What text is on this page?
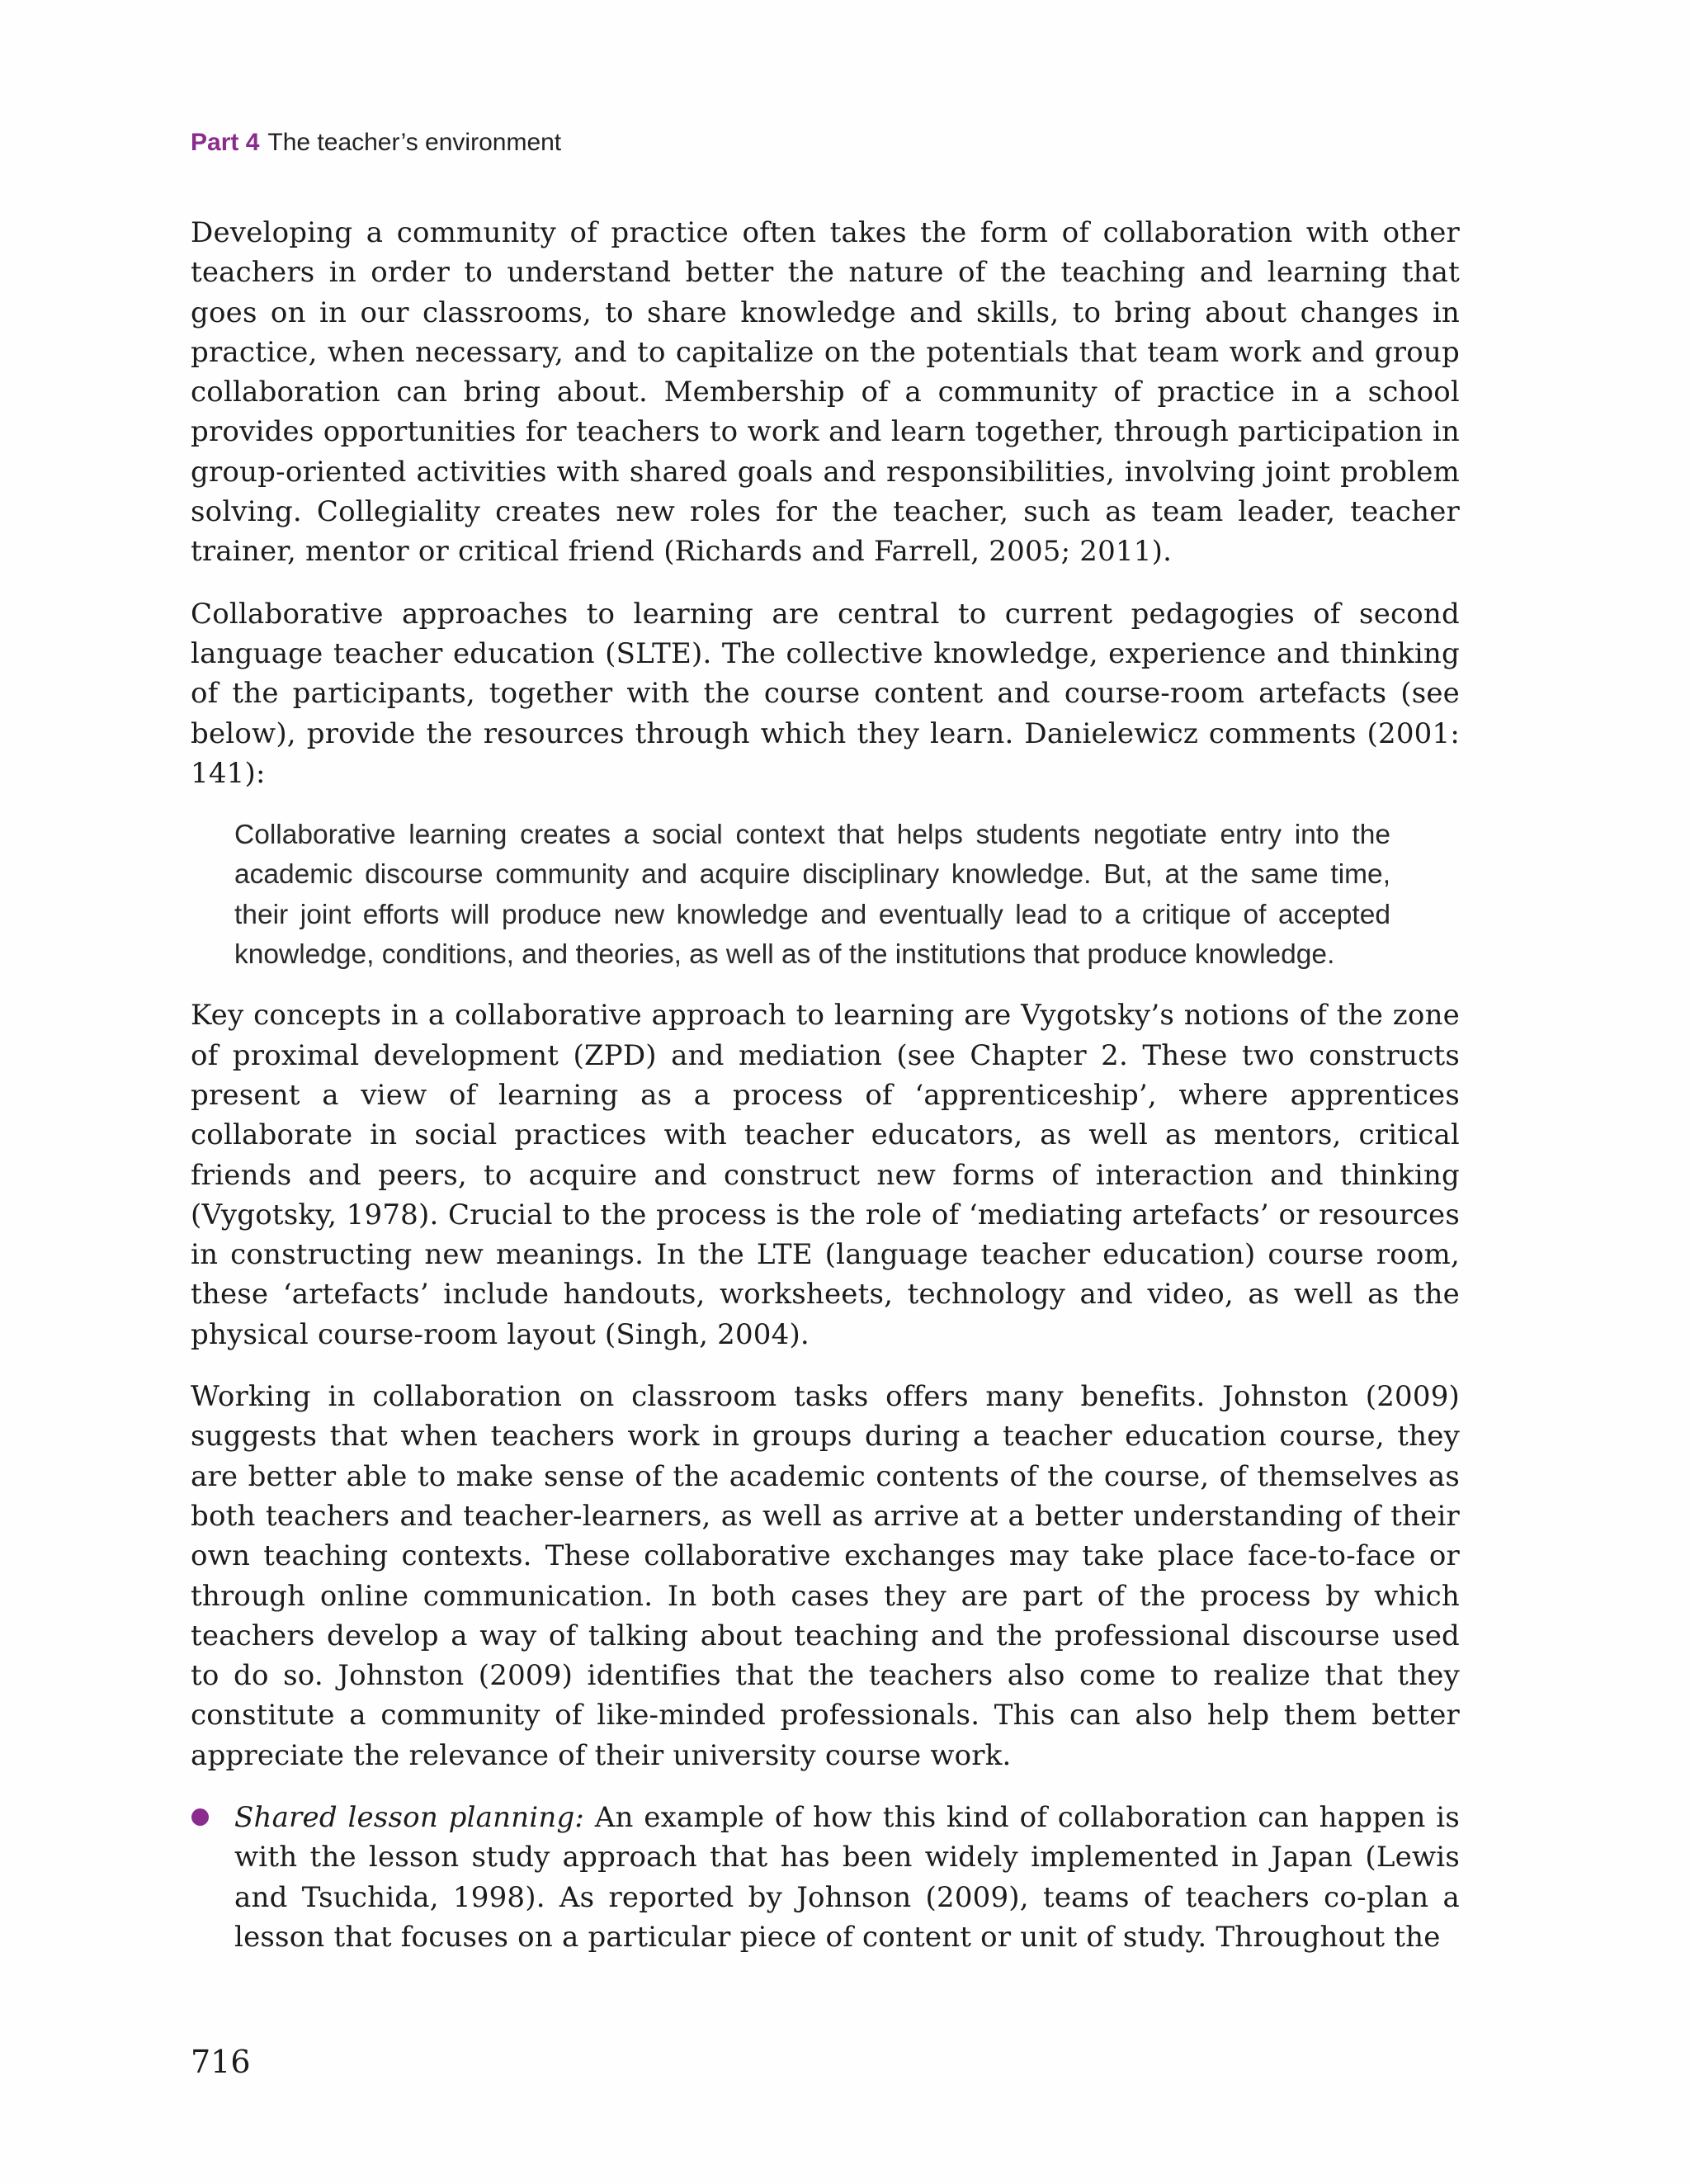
Part 4 The teacher’s environment

Developing a community of practice often takes the form of collaboration with other teachers in order to understand better the nature of the teaching and learning that goes on in our classrooms, to share knowledge and skills, to bring about changes in practice, when necessary, and to capitalize on the potentials that team work and group collaboration can bring about. Membership of a community of practice in a school provides opportunities for teachers to work and learn together, through participation in group-oriented activities with shared goals and responsibilities, involving joint problem solving. Collegiality creates new roles for the teacher, such as team leader, teacher trainer, mentor or critical friend (Richards and Farrell, 2005; 2011).

Collaborative approaches to learning are central to current pedagogies of second language teacher education (SLTE). The collective knowledge, experience and thinking of the participants, together with the course content and course-room artefacts (see below), provide the resources through which they learn. Danielewicz comments (2001: 141):

Collaborative learning creates a social context that helps students negotiate entry into the academic discourse community and acquire disciplinary knowledge. But, at the same time, their joint efforts will produce new knowledge and eventually lead to a critique of accepted knowledge, conditions, and theories, as well as of the institutions that produce knowledge.

Key concepts in a collaborative approach to learning are Vygotsky’s notions of the zone of proximal development (ZPD) and mediation (see Chapter 2. These two constructs present a view of learning as a process of ‘apprenticeship’, where apprentices collaborate in social practices with teacher educators, as well as mentors, critical friends and peers, to acquire and construct new forms of interaction and thinking (Vygotsky, 1978). Crucial to the process is the role of ‘mediating artefacts’ or resources in constructing new meanings. In the LTE (language teacher education) course room, these ‘artefacts’ include handouts, worksheets, technology and video, as well as the physical course-room layout (Singh, 2004).

Working in collaboration on classroom tasks offers many benefits. Johnston (2009) suggests that when teachers work in groups during a teacher education course, they are better able to make sense of the academic contents of the course, of themselves as both teachers and teacher-learners, as well as arrive at a better understanding of their own teaching contexts. These collaborative exchanges may take place face-to-face or through online communication. In both cases they are part of the process by which teachers develop a way of talking about teaching and the professional discourse used to do so. Johnston (2009) identifies that the teachers also come to realize that they constitute a community of like-minded professionals. This can also help them better appreciate the relevance of their university course work.

Shared lesson planning: An example of how this kind of collaboration can happen is with the lesson study approach that has been widely implemented in Japan (Lewis and Tsuchida, 1998). As reported by Johnson (2009), teams of teachers co-plan a lesson that focuses on a particular piece of content or unit of study. Throughout the
716
